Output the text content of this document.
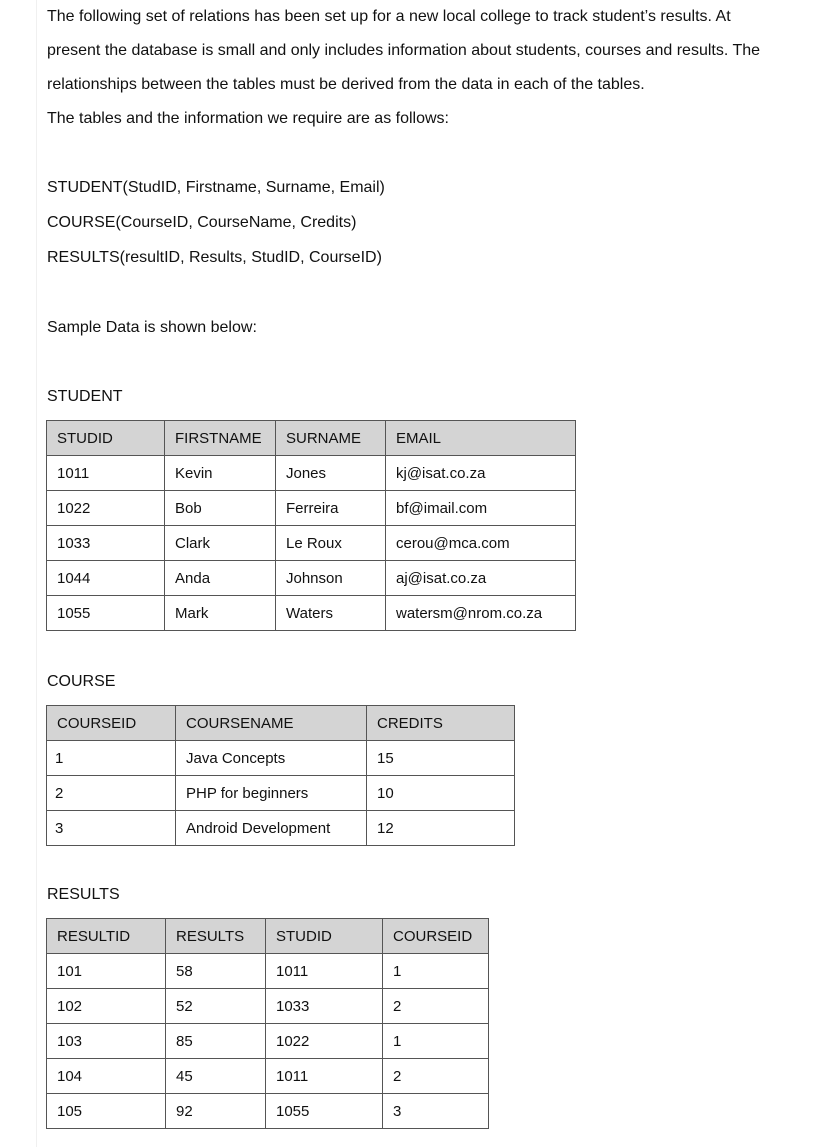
The following set of relations has been set up for a new local college to track student’s results. At
present the database is small and only includes information about students, courses and results. The
relationships between the tables must be derived from the data in each of the tables.
The tables and the information we require are as follows:

STUDENT(StudID, Firstname, Surname, Email)
COURSE(CourseID, CourseName, Credits)
RESULTS(resultID, Results, StudID, CourseID)
Sample Data is shown below:
STUDENT
STUDID	FIRSTNAME	SURNAME	EMAIL
1011	Kevin	Jones	kj@isat.co.za
1022	Bob	Ferreira	bf@imail.com
1033	Clark	Le Roux	cerou@mca.com
1044	Anda	Johnson	aj@isat.co.za
1055	Mark	Waters	watersm@nrom.co.za
COURSE
COURSEID	COURSENAME	CREDITS
1	Java Concepts	15
2	PHP for beginners	10
3	Android Development	12
RESULTS
RESULTID	RESULTS	STUDID	COURSEID
101	58	1011	1
102	52	1033	2
103	85	1022	1
104	45	1011	2
105	92	1055	3
